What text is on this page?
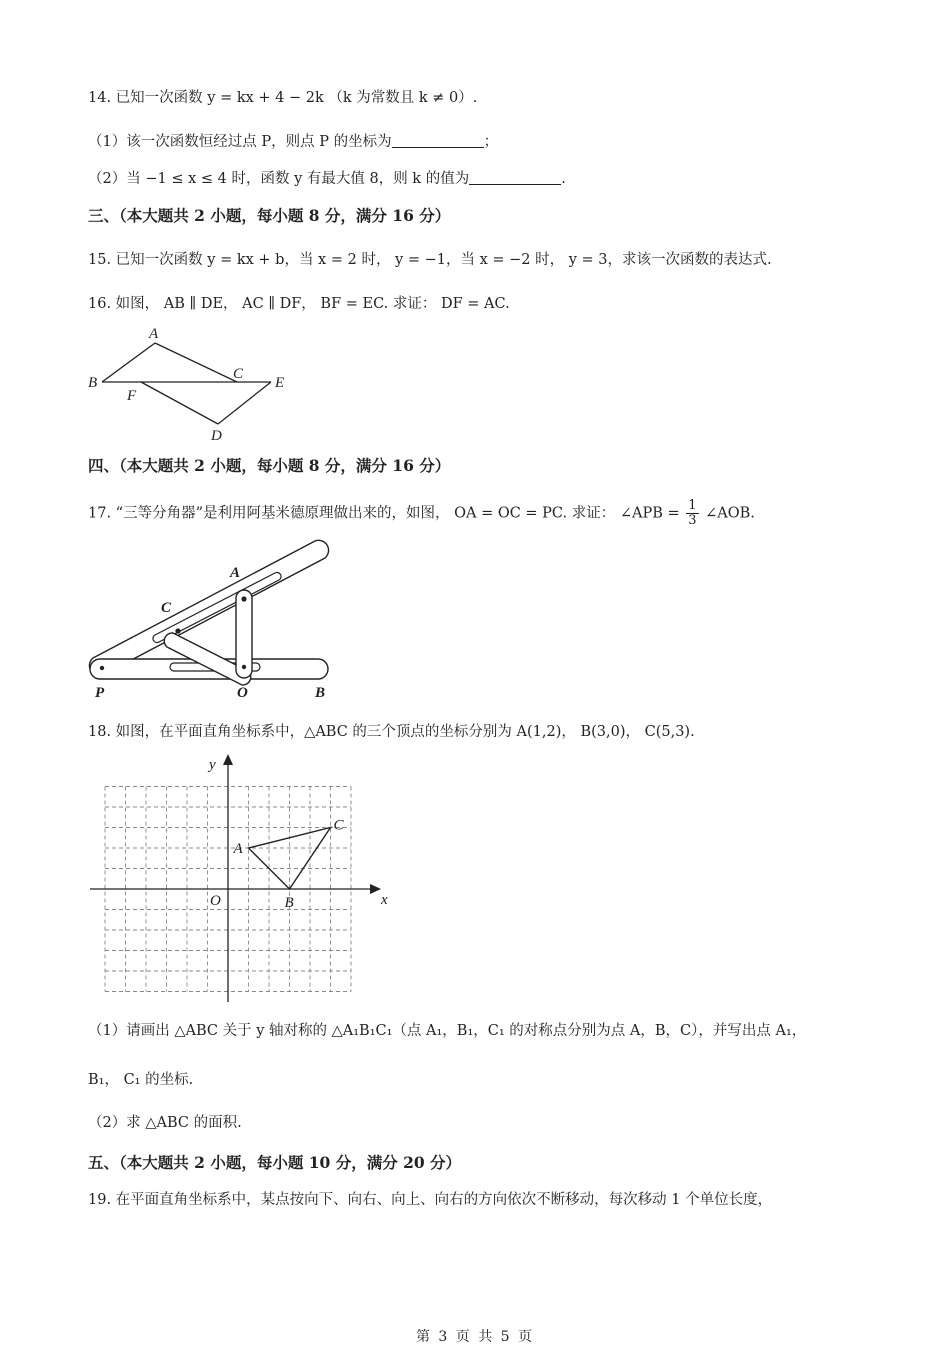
14. 已知一次函数 y = kx + 4 − 2k （k 为常数且 k ≠ 0）.
（1）该一次函数恒经过点 P，则点 P 的坐标为	；
（2）当 −1 ≤ x ≤ 4 时，函数 y 有最大值 8，则 k 的值为	.
三、（本大题共 2 小题，每小题 8 分，满分 16 分）
15. 已知一次函数 y = kx + b，当 x = 2 时， y = −1，当 x = −2 时， y = 3，求该一次函数的表达式.
16. 如图， AB ∥ DE， AC ∥ DF， BF = EC. 求证： DF = AC.
A
B
C
E
F
D
四、（本大题共 2 小题，每小题 8 分，满分 16 分）
17. “三等分角器”是利用阿基米德原理做出来的，如图， OA = OC = PC. 求证： ∠APB = $\frac{1}{3}$ ∠AOB.
A
C
P	O	B
18. 如图，在平面直角坐标系中，△ABC 的三个顶点的坐标分别为 A(1,2)， B(3,0)， C(5,3).
A
B
C
x
y
O
（1）请画出 △ABC 关于 y 轴对称的 △A₁B₁C₁（点 A₁，B₁，C₁ 的对称点分别为点 A，B，C），并写出点 A₁，
B₁， C₁ 的坐标.
（2）求 △ABC 的面积.
五、（本大题共 2 小题，每小题 10 分，满分 20 分）
19. 在平面直角坐标系中，某点按向下、向右、向上、向右的方向依次不断移动，每次移动 1 个单位长度，
第 3 页 共 5 页
